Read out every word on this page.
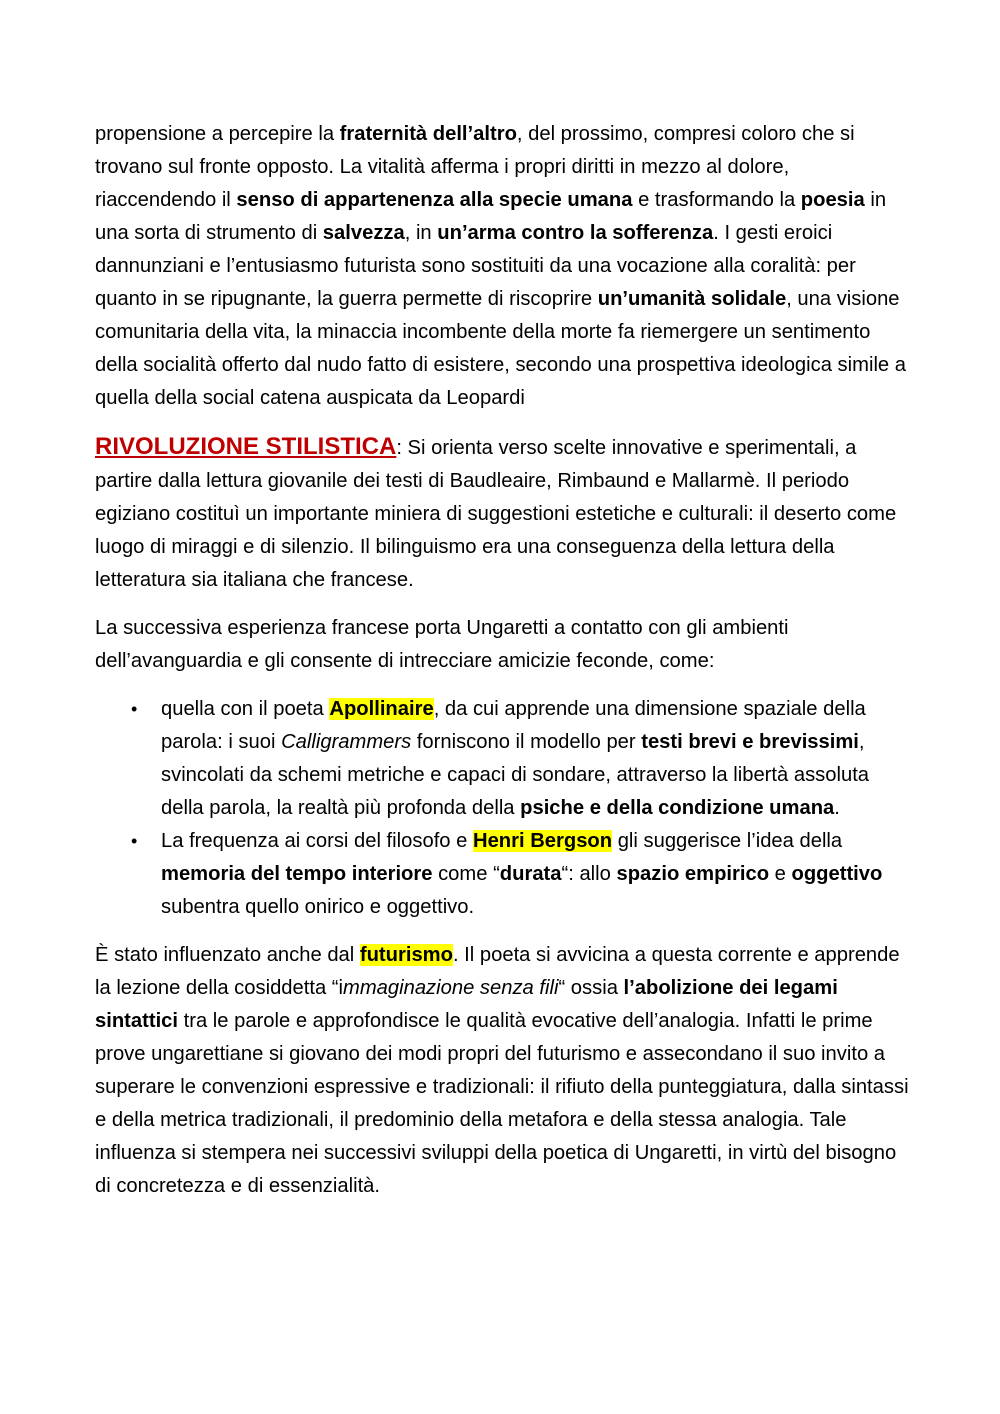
propensione a percepire la fraternità dell’altro, del prossimo, compresi coloro che si trovano sul fronte opposto. La vitalità afferma i propri diritti in mezzo al dolore, riaccendendo il senso di appartenenza alla specie umana e trasformando la poesia in una sorta di strumento di salvezza, in un’arma contro la sofferenza. I gesti eroici dannunziani e l’entusiasmo futurista sono sostituiti da una vocazione alla coralità: per quanto in se ripugnante, la guerra permette di riscoprire un’umanità solidale, una visione comunitaria della vita, la minaccia incombente della morte fa riemergere un sentimento della socialità offerto dal nudo fatto di esistere, secondo una prospettiva ideologica simile a quella della social catena auspicata da Leopardi

RIVOLUZIONE STILISTICA: Si orienta verso scelte innovative e sperimentali, a partire dalla lettura giovanile dei testi di Baudleaire, Rimbaund e Mallarmè. Il periodo egiziano costituì un importante miniera di suggestioni estetiche e culturali: il deserto come luogo di miraggi e di silenzio. Il bilinguismo era una conseguenza della lettura della letteratura sia italiana che francese.

La successiva esperienza francese porta Ungaretti a contatto con gli ambienti dell’avanguardia e gli consente di intrecciare amicizie feconde, come:

• quella con il poeta Apollinaire, da cui apprende una dimensione spaziale della parola: i suoi Calligrammers forniscono il modello per testi brevi e brevissimi, svincolati da schemi metriche e capaci di sondare, attraverso la libertà assoluta della parola, la realtà più profonda della psiche e della condizione umana.
• La frequenza ai corsi del filosofo e Henri Bergson gli suggerisce l’idea della memoria del tempo interiore come “durata“: allo spazio empirico e oggettivo subentra quello onirico e oggettivo.

È stato influenzato anche dal futurismo. Il poeta si avvicina a questa corrente e apprende la lezione della cosiddetta “immaginazione senza fili“ ossia l’abolizione dei legami sintattici tra le parole e approfondisce le qualità evocative dell’analogia. Infatti le prime prove ungarettiane si giovano dei modi propri del futurismo e assecondano il suo invito a superare le convenzioni espressive e tradizionali: il rifiuto della punteggiatura, dalla sintassi e della metrica tradizionali, il predominio della metafora e della stessa analogia. Tale influenza si stempera nei successivi sviluppi della poetica di Ungaretti, in virtù del bisogno di concretezza e di essenzialità.
